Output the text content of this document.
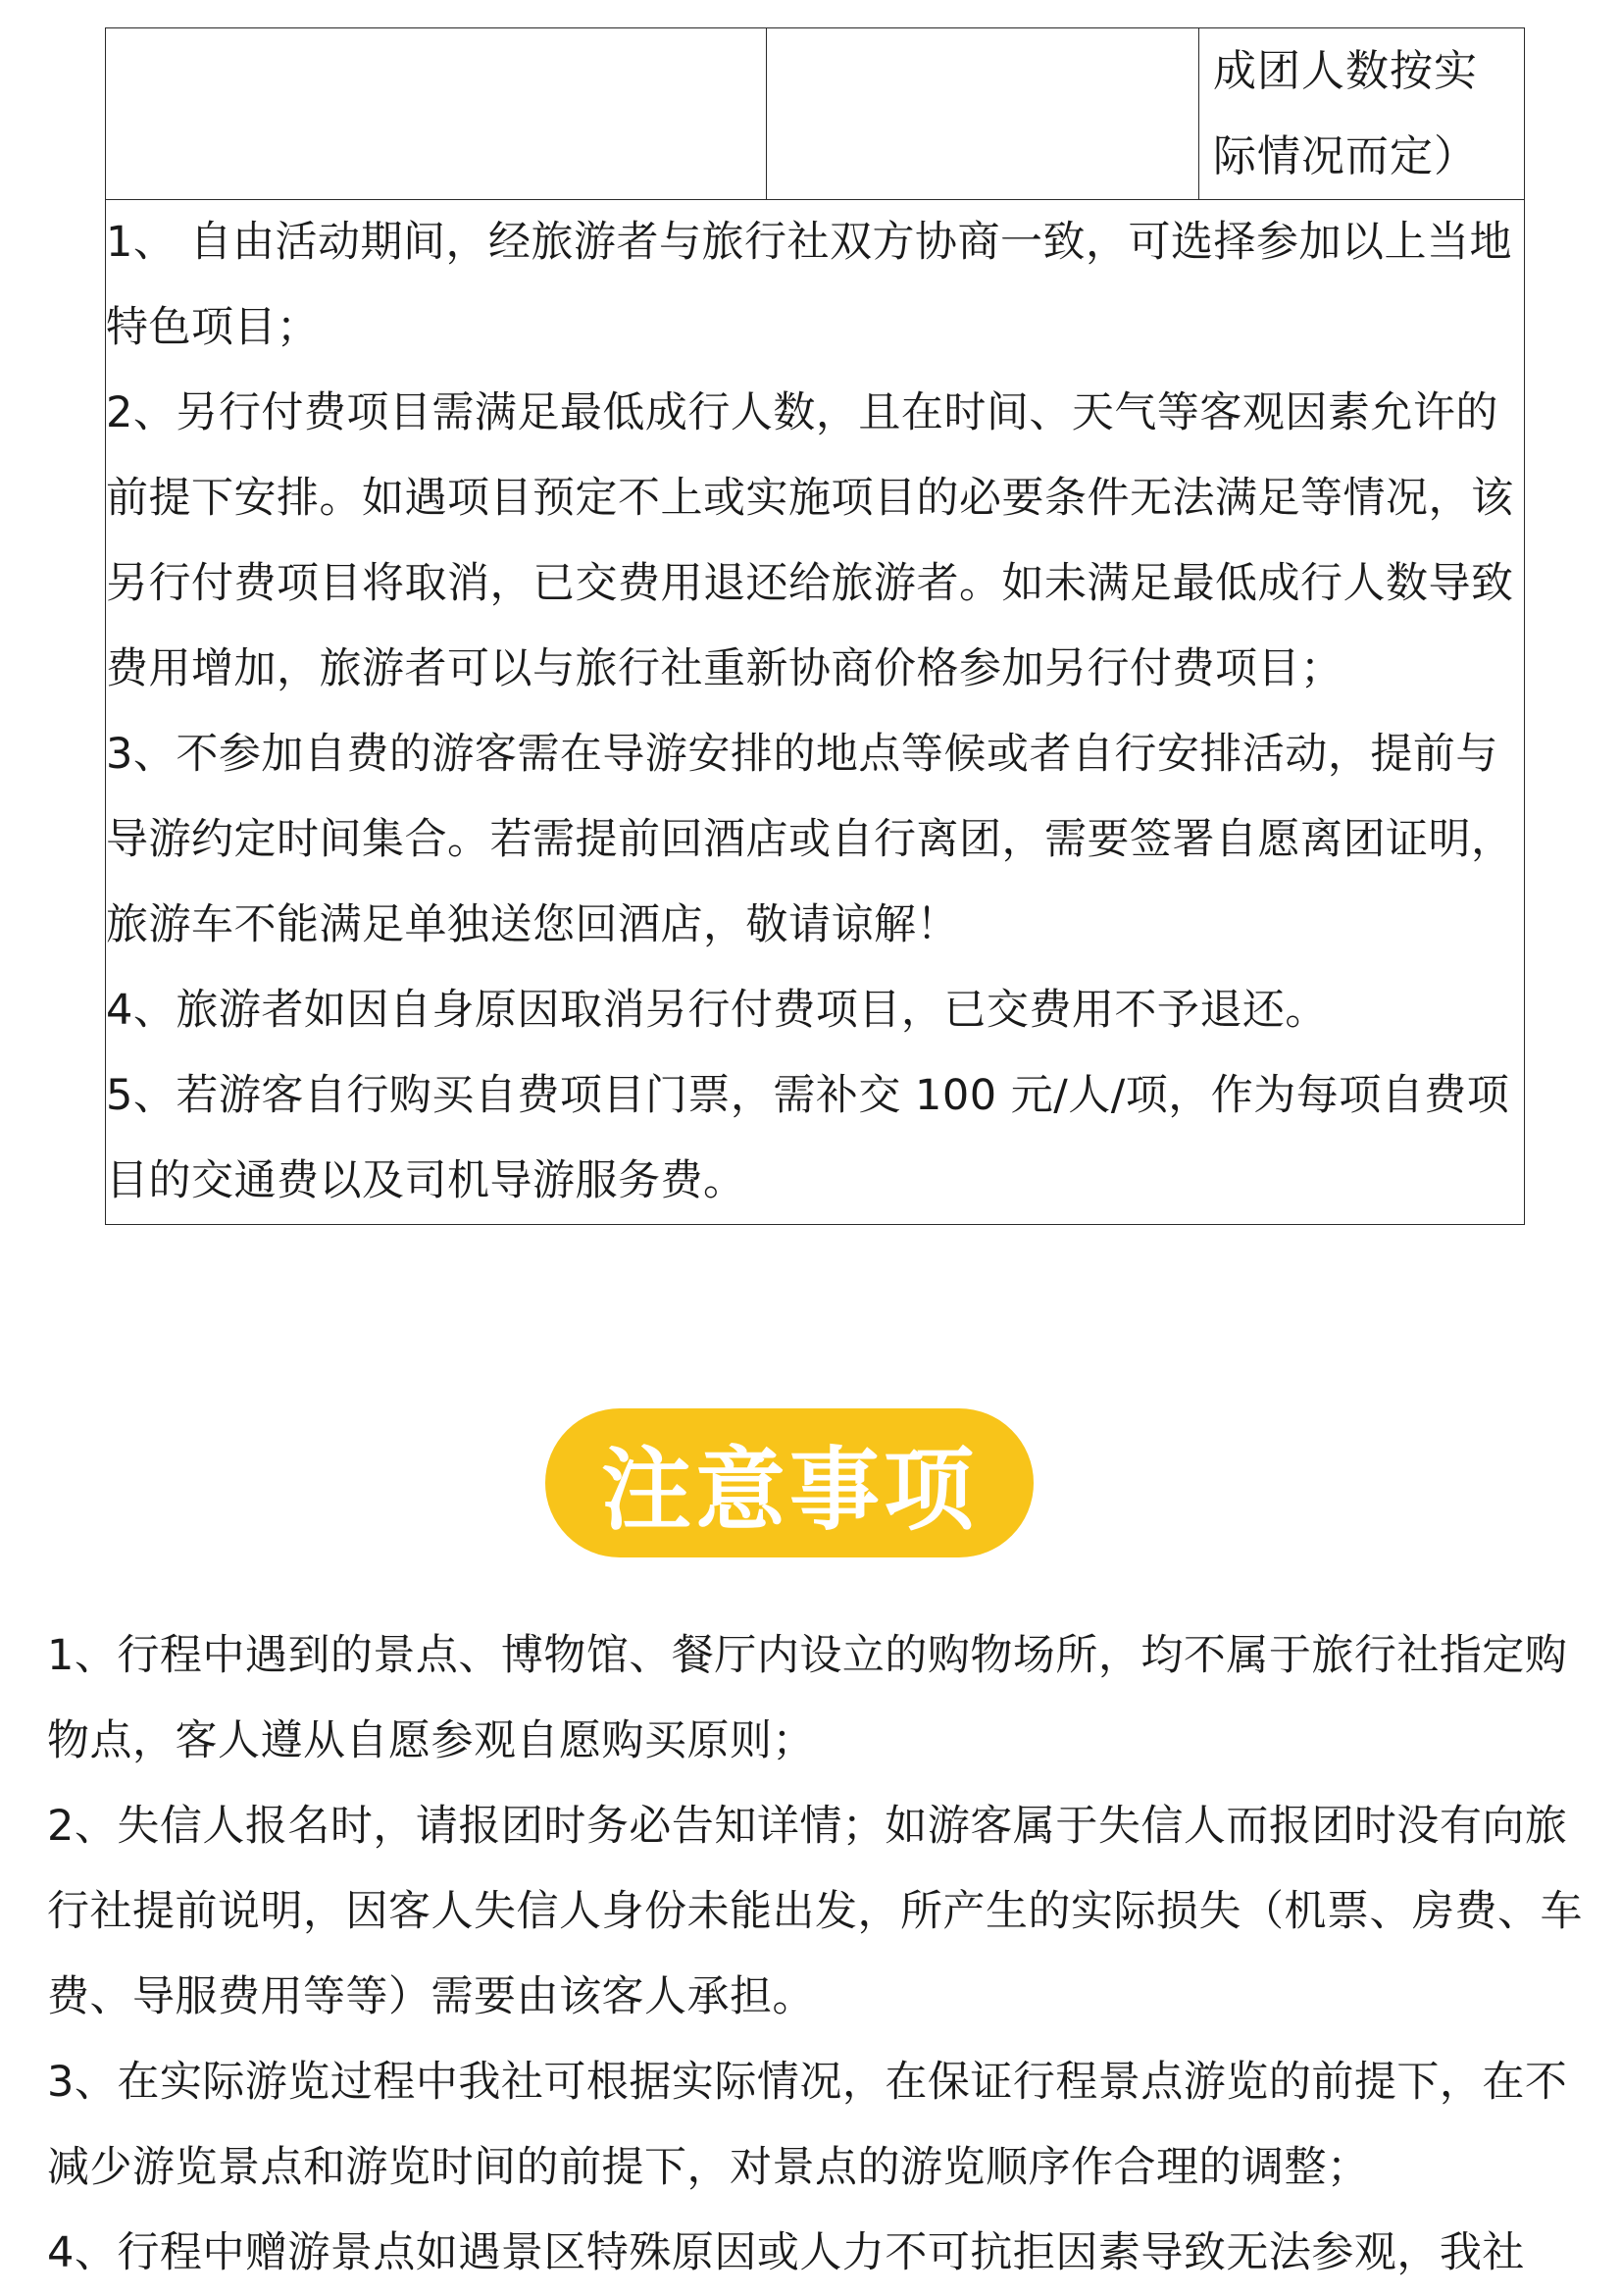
成团人数按实际情况而定）

1、 自由活动期间，经旅游者与旅行社双方协商一致，可选择参加以上当地特色项目；

2、另行付费项目需满足最低成行人数，且在时间、天气等客观因素允许的前提下安排。如遇项目预定不上或实施项目的必要条件无法满足等情况，该另行付费项目将取消，已交费用退还给旅游者。如未满足最低成行人数导致费用增加，旅游者可以与旅行社重新协商价格参加另行付费项目；

3、不参加自费的游客需在导游安排的地点等候或者自行安排活动，提前与导游约定时间集合。若需提前回酒店或自行离团，需要签署自愿离团证明，旅游车不能满足单独送您回酒店，敬请谅解！

4、旅游者如因自身原因取消另行付费项目，已交费用不予退还。

5、若游客自行购买自费项目门票，需补交 100 元/人/项，作为每项自费项目的交通费以及司机导游服务费。

注意事项

1、行程中遇到的景点、博物馆、餐厅内设立的购物场所，均不属于旅行社指定购物点，客人遵从自愿参观自愿购买原则；

2、失信人报名时，请报团时务必告知详情；如游客属于失信人而报团时没有向旅行社提前说明，因客人失信人身份未能出发，所产生的实际损失（机票、房费、车费、导服费用等等）需要由该客人承担。

3、在实际游览过程中我社可根据实际情况，在保证行程景点游览的前提下，在不减少游览景点和游览时间的前提下，对景点的游览顺序作合理的调整；

4、行程中赠游景点如遇景区特殊原因或人力不可抗拒因素导致无法参观，我社
